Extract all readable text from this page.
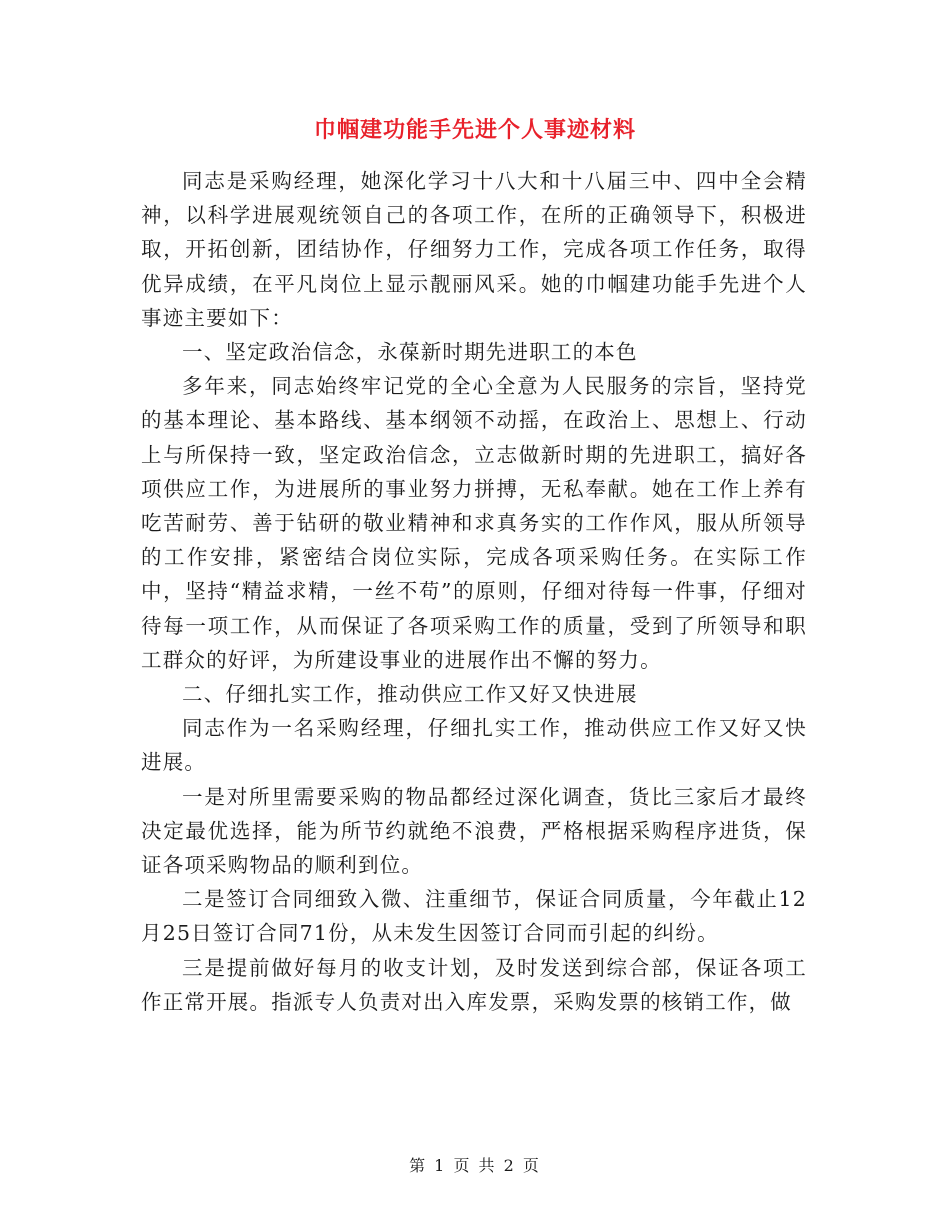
巾帼建功能手先进个人事迹材料

同志是采购经理，她深化学习十八大和十八届三中、四中全会精神，以科学进展观统领自己的各项工作，在所的正确领导下，积极进取，开拓创新，团结协作，仔细努力工作，完成各项工作任务，取得优异成绩，在平凡岗位上显示靓丽风采。她的巾帼建功能手先进个人事迹主要如下：

一、坚定政治信念，永葆新时期先进职工的本色

多年来，同志始终牢记党的全心全意为人民服务的宗旨，坚持党的基本理论、基本路线、基本纲领不动摇，在政治上、思想上、行动上与所保持一致，坚定政治信念，立志做新时期的先进职工，搞好各项供应工作，为进展所的事业努力拼搏，无私奉献。她在工作上养有吃苦耐劳、善于钻研的敬业精神和求真务实的工作作风，服从所领导的工作安排，紧密结合岗位实际，完成各项采购任务。在实际工作中，坚持“精益求精，一丝不苟”的原则，仔细对待每一件事，仔细对待每一项工作，从而保证了各项采购工作的质量，受到了所领导和职工群众的好评，为所建设事业的进展作出不懈的努力。

二、仔细扎实工作，推动供应工作又好又快进展

同志作为一名采购经理，仔细扎实工作，推动供应工作又好又快进展。

一是对所里需要采购的物品都经过深化调查，货比三家后才最终决定最优选择，能为所节约就绝不浪费，严格根据采购程序进货，保证各项采购物品的顺利到位。

二是签订合同细致入微、注重细节，保证合同质量，今年截止12月25日签订合同71份，从未发生因签订合同而引起的纠纷。

三是提前做好每月的收支计划，及时发送到综合部，保证各项工作正常开展。指派专人负责对出入库发票，采购发票的核销工作，做

第 1 页 共 2 页
